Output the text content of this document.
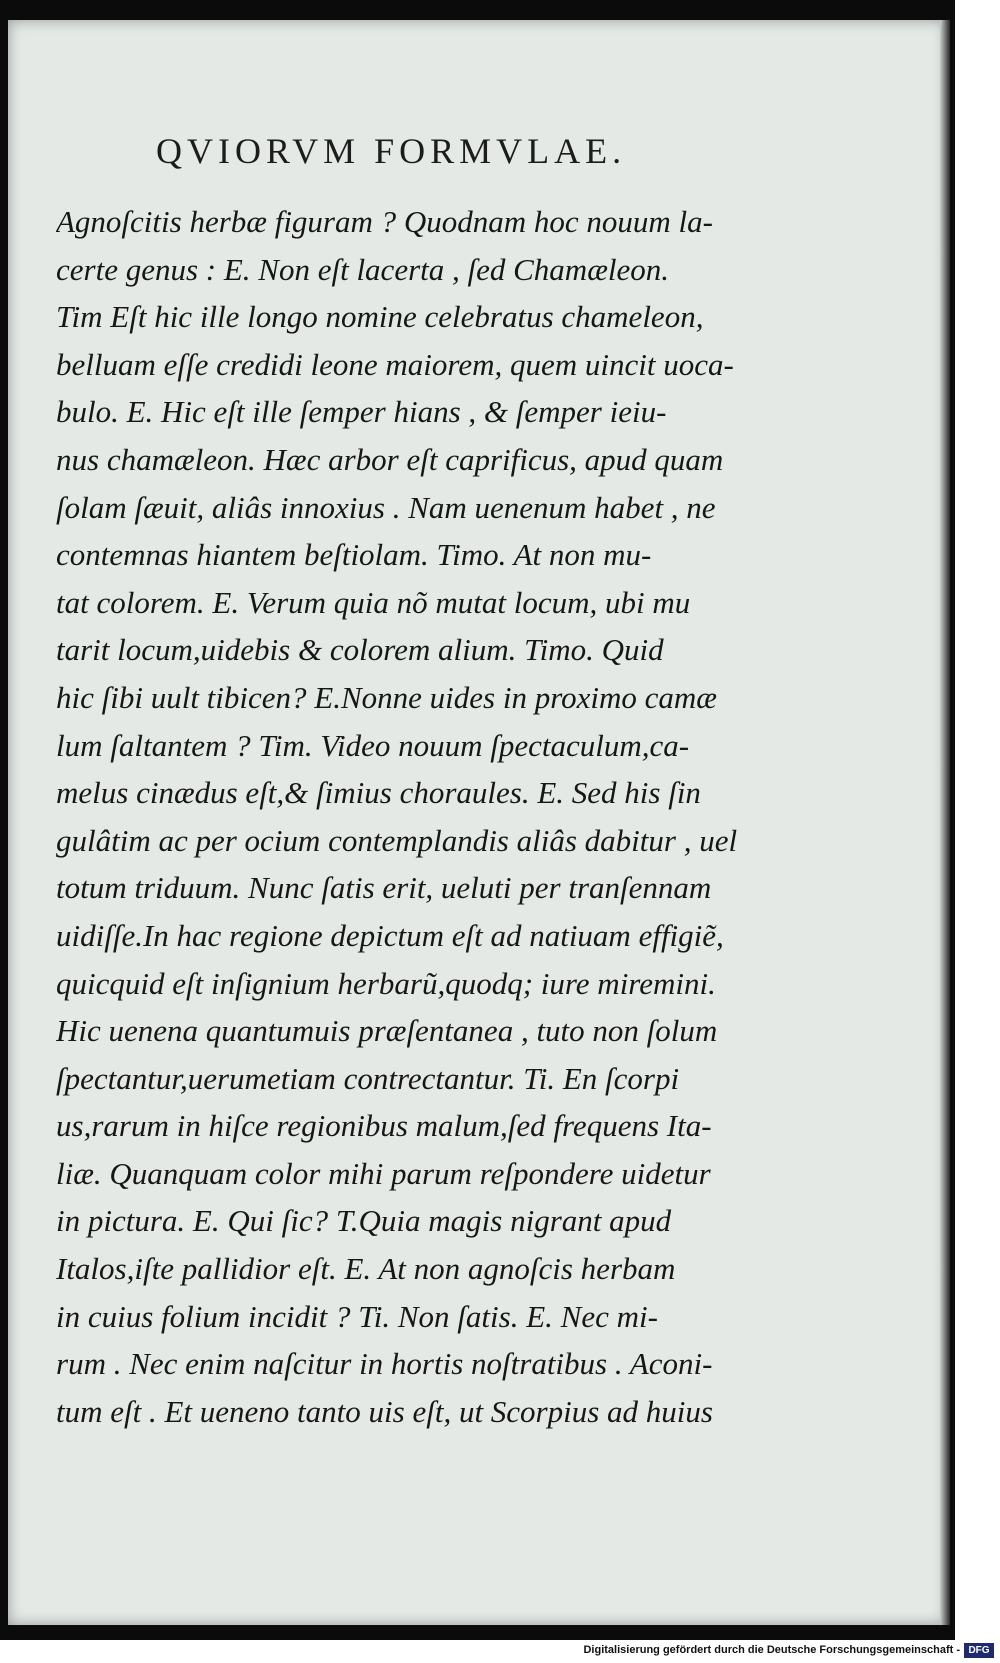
QVIORVM FORMVLAE.
Agnoſcitis herbæ figuram ? Quodnam hoc nouum la-
certe genus : E. Non eſt lacerta , ſed Chamæleon.
Tim Eſt hic ille longo nomine celebratus chameleon,
belluam eſſe credidi leone maiorem, quem uincit uoca-
bulo. E. Hic eſt ille ſemper hians , & ſemper ieiu-
nus chamæleon. Hæc arbor eſt caprificus, apud quam
ſolam ſæuit, aliâs innoxius . Nam uenenum habet , ne
contemnas hiantem beſtiolam. Timo. At non mu-
tat colorem. E. Verum quia nõ mutat locum, ubi mu
tarit locum,uidebis & colorem alium. Timo. Quid
hic ſibi uult tibicen? E.Nonne uides in proximo camæ
lum ſaltantem ? Tim. Video nouum ſpectaculum,ca-
melus cinædus eſt,& ſimius choraules. E. Sed his ſin
gulâtim ac per ocium contemplandis aliâs dabitur , uel
totum triduum. Nunc ſatis erit, ueluti per tranſennam
uidiſſe.In hac regione depictum eſt ad natiuam effigiẽ,
quicquid eſt inſignium herbarũ,quodq; iure miremini.
Hic uenena quantumuis præſentanea , tuto non ſolum
ſpectantur,uerumetiam contrectantur. Ti. En ſcorpi
us,rarum in hiſce regionibus malum,ſed frequens Ita-
liæ. Quanquam color mihi parum reſpondere uidetur
in pictura. E. Qui ſic? T.Quia magis nigrant apud
Italos,iſte pallidior eſt. E. At non agnoſcis herbam
in cuius folium incidit ? Ti. Non ſatis. E. Nec mi-
rum . Nec enim naſcitur in hortis noſtratibus . Aconi-
tum eſt . Et ueneno tanto uis eſt, ut Scorpius ad huius
Digitalisierung gefördert durch die Deutsche Forschungsgemeinschaft - DFG
